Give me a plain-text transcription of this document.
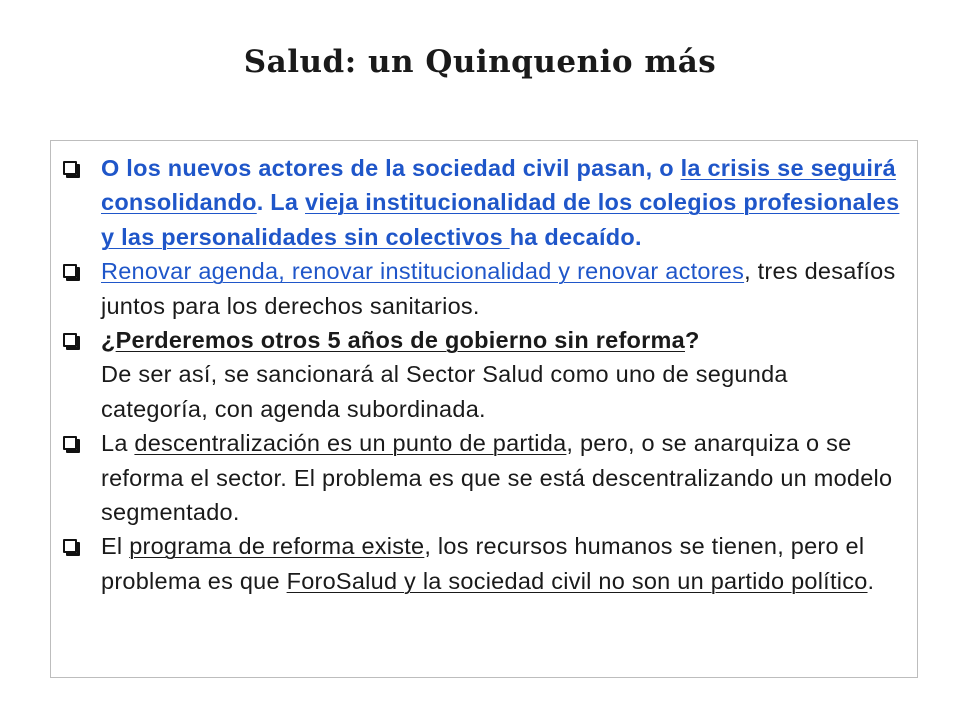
Salud: un Quinquenio más
O los nuevos actores de la sociedad civil pasan, o la crisis se seguirá consolidando. La vieja institucionalidad de los colegios profesionales y las personalidades sin colectivos ha decaído.
Renovar agenda, renovar institucionalidad y renovar actores, tres desafíos juntos para los derechos sanitarios.
¿Perderemos otros 5 años de gobierno sin reforma?
De ser así, se sancionará al Sector Salud como uno de segunda categoría, con agenda subordinada.
La descentralización es un punto de partida, pero, o se anarquiza o se reforma el sector. El problema es que se está descentralizando un modelo segmentado.
El programa de reforma existe, los recursos humanos se tienen, pero el problema es que ForoSalud y la sociedad civil no son un partido político.
